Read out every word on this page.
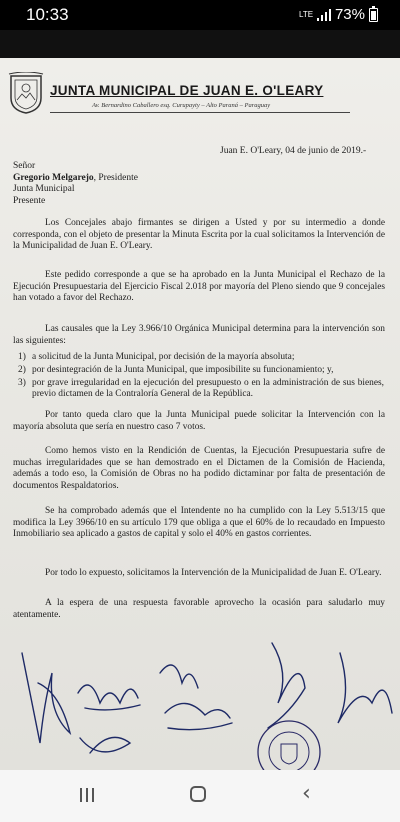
10:33	LTE 73%
JUNTA MUNICIPAL DE JUAN E. O'LEARY
Av. Bernardino Caballero esq. Curupayty – Alto Paraná – Paraguay
Juan E. O'Leary, 04 de junio de 2019.-
Señor
Gregorio Melgarejo, Presidente
Junta Municipal
Presente

Los Concejales abajo firmantes se dirigen a Usted y por su intermedio a donde corresponda, con el objeto de presentar la Minuta Escrita por la cual solicitamos la Intervención de la Municipalidad de Juan E. O'Leary.

Este pedido corresponde a que se ha aprobado en la Junta Municipal el Rechazo de la Ejecución Presupuestaria del Ejercicio Fiscal 2.018 por mayoría del Pleno siendo que 9 concejales han votado a favor del Rechazo.

Las causales que la Ley 3.966/10 Orgánica Municipal determina para la intervención son las siguientes:

1) a solicitud de la Junta Municipal, por decisión de la mayoría absoluta;
2) por desintegración de la Junta Municipal, que imposibilite su funcionamiento; y,
3) por grave irregularidad en la ejecución del presupuesto o en la administración de sus bienes, previo dictamen de la Contraloría General de la República.

Por tanto queda claro que la Junta Municipal puede solicitar la Intervención con la mayoría absoluta que sería en nuestro caso 7 votos.

Como hemos visto en la Rendición de Cuentas, la Ejecución Presupuestaria sufre de muchas irregularidades que se han demostrado en el Dictamen de la Comisión de Hacienda, además a todo eso, la Comisión de Obras no ha podido dictaminar por falta de presentación de documentos Respaldatorios.

Se ha comprobado además que el Intendente no ha cumplido con la Ley 5.513/15 que modifica la Ley 3966/10 en su artículo 179 que obliga a que el 60% de lo recaudado en Impuesto Inmobiliario sea aplicado a gastos de capital y solo el 40% en gastos corrientes.

Por todo lo expuesto, solicitamos la Intervención de la Municipalidad de Juan E. O'Leary.

A la espera de una respuesta favorable aprovecho la ocasión para saludarlo muy atentamente.

‹
